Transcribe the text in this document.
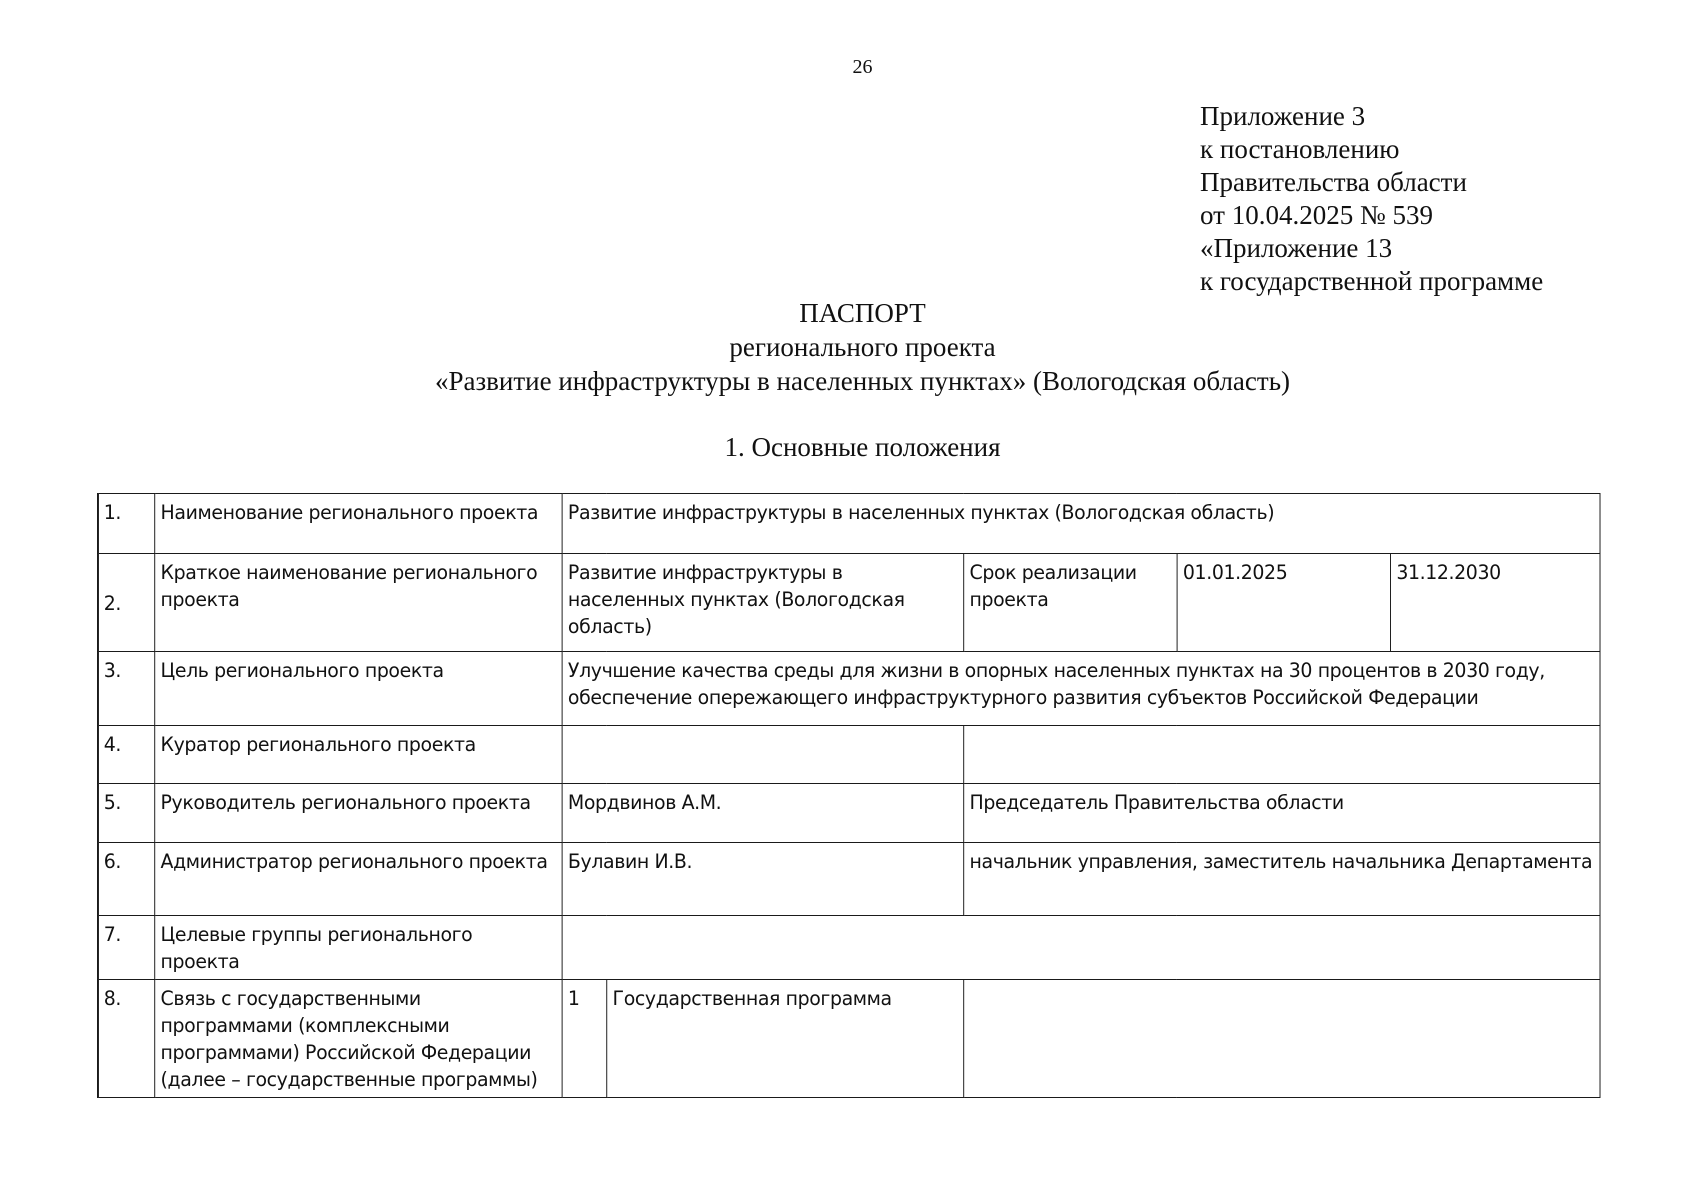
26
Приложение 3
к постановлению
Правительства области
от 10.04.2025 № 539
«Приложение 13
к государственной программе
ПАСПОРТ
регионального проекта
«Развитие инфраструктуры в населенных пунктах» (Вологодская область)
1. Основные положения
1.	Наименование регионального проекта	Развитие инфраструктуры в населенных пунктах (Вологодская область)				
2.	Краткое наименование регионального проекта	Развитие инфраструктуры в населенных пунктах (Вологодская область)		Срок реализации проекта	01.01.2025	31.12.2030
3.	Цель регионального проекта	Улучшение качества среды для жизни в опорных населенных пунктах на 30 процентов в 2030 году, обеспечение опережающего инфраструктурного развития субъектов Российской Федерации				
4.	Куратор регионального проекта					
5.	Руководитель регионального проекта	Мордвинов А.М.		Председатель Правительства области		
6.	Администратор регионального проекта	Булавин И.В.		начальник управления, заместитель начальника Департамента		
7.	Целевые группы регионального проекта					
8.	Связь с государственными программами (комплексными программами) Российской Федерации (далее – государственные программы)	1	Государственная программа			
